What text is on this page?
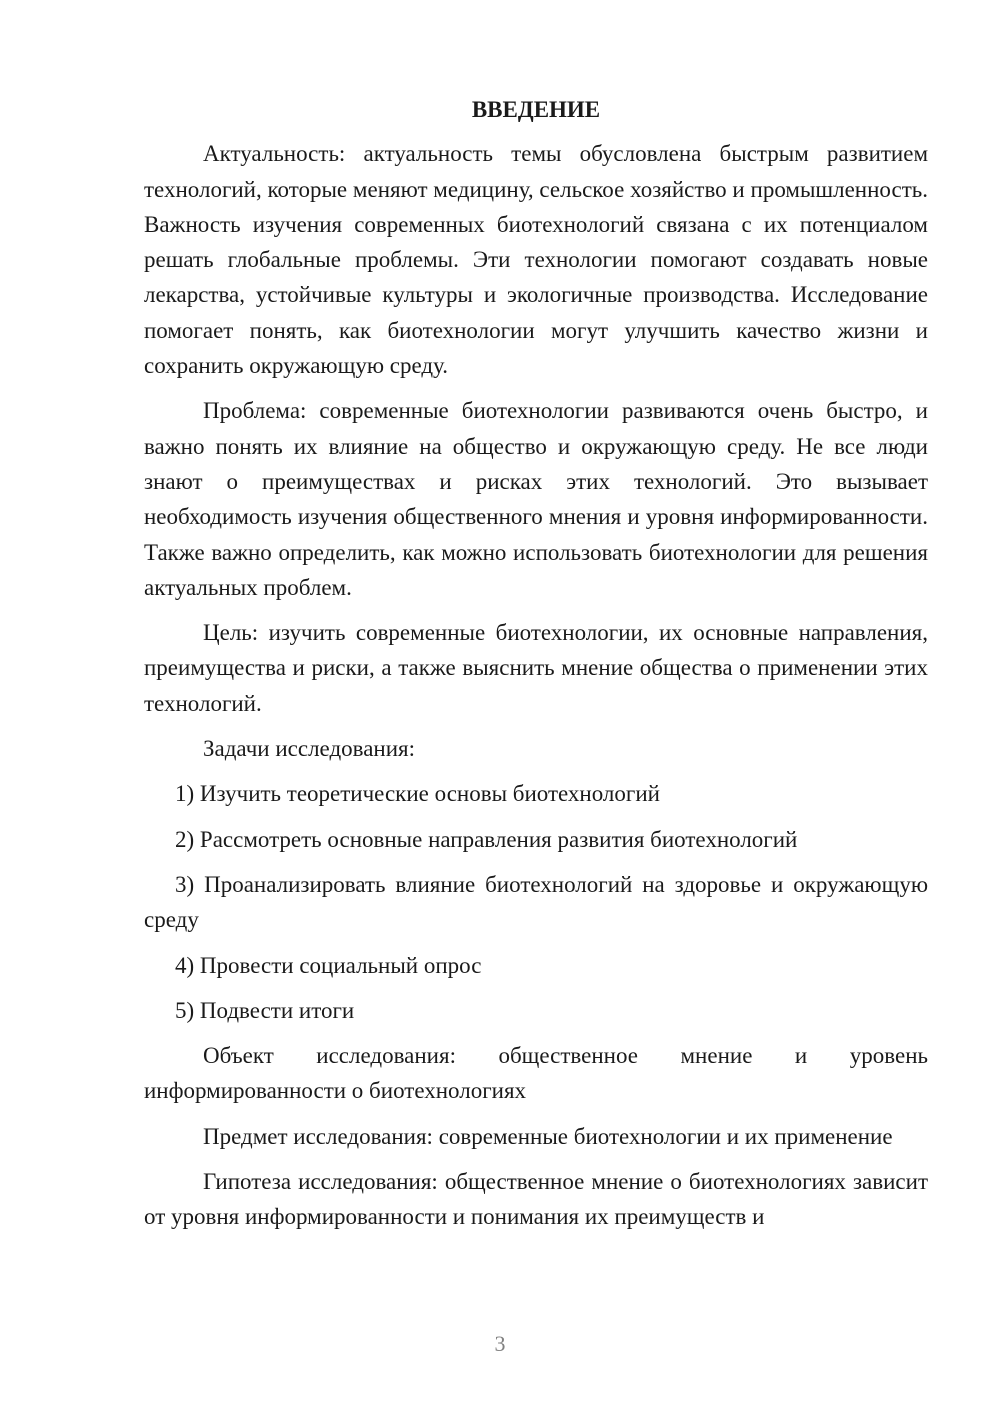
ВВЕДЕНИЕ

Актуальность: актуальность темы обусловлена быстрым развитием технологий, которые меняют медицину, сельское хозяйство и промышленность. Важность изучения современных биотехнологий связана с их потенциалом решать глобальные проблемы. Эти технологии помогают создавать новые лекарства, устойчивые культуры и экологичные производства. Исследование помогает понять, как биотехнологии могут улучшить качество жизни и сохранить окружающую среду.

Проблема: современные биотехнологии развиваются очень быстро, и важно понять их влияние на общество и окружающую среду. Не все люди знают о преимуществах и рисках этих технологий. Это вызывает необходимость изучения общественного мнения и уровня информированности. Также важно определить, как можно использовать биотехнологии для решения актуальных проблем.

Цель: изучить современные биотехнологии, их основные направления, преимущества и риски, а также выяснить мнение общества о применении этих технологий.

Задачи исследования:

1) Изучить теоретические основы биотехнологий

2) Рассмотреть основные направления развития биотехнологий

3) Проанализировать влияние биотехнологий на здоровье и окружающую среду

4) Провести социальный опрос

5) Подвести итоги

Объект исследования: общественное мнение и уровень информированности о биотехнологиях

Предмет исследования: современные биотехнологии и их применение

Гипотеза исследования: общественное мнение о биотехнологиях зависит от уровня информированности и понимания их преимуществ и

3
